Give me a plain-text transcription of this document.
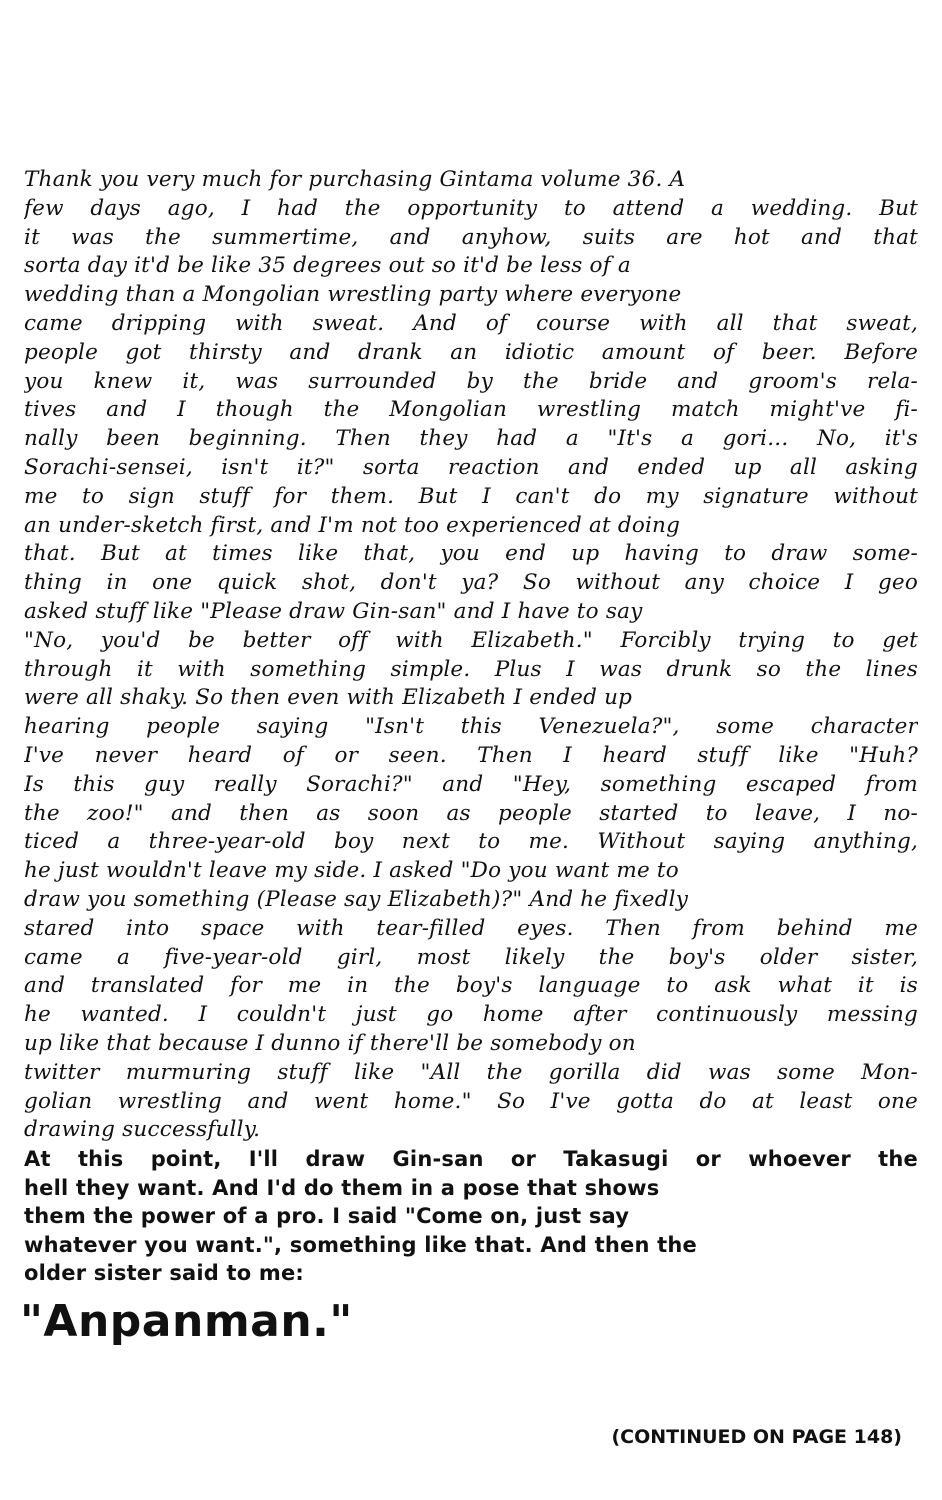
Thank you very much for purchasing Gintama volume 36. A
few days ago, I had the opportunity to attend a wedding. But
it was the summertime, and anyhow, suits are hot and that
sorta day it'd be like 35 degrees out so it'd be less of a
wedding than a Mongolian wrestling party where everyone
came dripping with sweat. And of course with all that sweat,
people got thirsty and drank an idiotic amount of beer. Before
you knew it, was surrounded by the bride and groom's rela-
tives and I though the Mongolian wrestling match might've fi-
nally been beginning. Then they had a "It's a gori... No, it's
Sorachi-sensei, isn't it?" sorta reaction and ended up all asking
me to sign stuff for them. But I can't do my signature without
an under-sketch first, and I'm not too experienced at doing
that. But at times like that, you end up having to draw some-
thing in one quick shot, don't ya? So without any choice I geo
asked stuff like "Please draw Gin-san" and I have to say
"No, you'd be better off with Elizabeth." Forcibly trying to get
through it with something simple. Plus I was drunk so the lines
were all shaky. So then even with Elizabeth I ended up
hearing people saying "Isn't this Venezuela?", some character
I've never heard of or seen. Then I heard stuff like "Huh?
Is this guy really Sorachi?" and "Hey, something escaped from
the zoo!" and then as soon as people started to leave, I no-
ticed a three-year-old boy next to me. Without saying anything,
he just wouldn't leave my side. I asked "Do you want me to
draw you something (Please say Elizabeth)?" And he fixedly
stared into space with tear-filled eyes. Then from behind me
came a five-year-old girl, most likely the boy's older sister,
and translated for me in the boy's language to ask what it is
he wanted. I couldn't just go home after continuously messing
up like that because I dunno if there'll be somebody on
twitter murmuring stuff like "All the gorilla did was some Mon-
golian wrestling and went home." So I've gotta do at least one
drawing successfully.
At this point, I'll draw Gin-san or Takasugi or whoever the
hell they want. And I'd do them in a pose that shows
them the power of a pro. I said "Come on, just say
whatever you want.", something like that. And then the
older sister said to me:
"Anpanman."
(CONTINUED ON PAGE 148)
